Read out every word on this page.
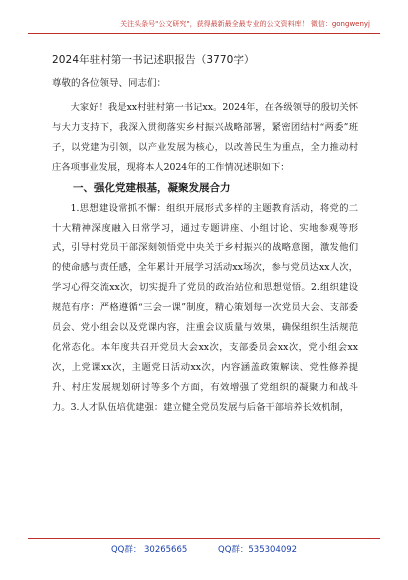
关注头条号"公文研究"，获得最新最全最专业的公文资料库！ 微信：gongwenyj
2024年驻村第一书记述职报告（3770字）

尊敬的各位领导、同志们：

大家好！我是xx村驻村第一书记xx。2024年，在各级领导的殷切关怀与大力支持下，我深入贯彻落实乡村振兴战略部署，紧密团结村“两委”班子，以党建为引领，以产业发展为核心，以改善民生为重点，全力推动村庄各项事业发展，现将本人2024年的工作情况述职如下：

一、强化党建根基，凝聚发展合力

1.思想建设常抓不懈：组织开展形式多样的主题教育活动，将党的二十大精神深度融入日常学习，通过专题讲座、小组讨论、实地参观等形式，引导村党员干部深刻领悟党中央关于乡村振兴的战略意图，激发他们的使命感与责任感，全年累计开展学习活动xx场次，参与党员达xx人次，学习心得交流xx次，切实提升了党员的政治站位和思想觉悟。2.组织建设规范有序：严格遵循“三会一课”制度，精心策划每一次党员大会、支部委员会、党小组会以及党课内容，注重会议质量与效果，确保组织生活规范化常态化。本年度共召开党员大会xx次，支部委员会xx次，党小组会xx次，上党课xx次，主题党日活动xx次，内容涵盖政策解读、党性修养提升、村庄发展规划研讨等多个方面，有效增强了党组织的凝聚力和战斗力。3.人才队伍培优建强：建立健全党员发展与后备干部培养长效机制，

QQ群： 30265665	QQ群：535304092
